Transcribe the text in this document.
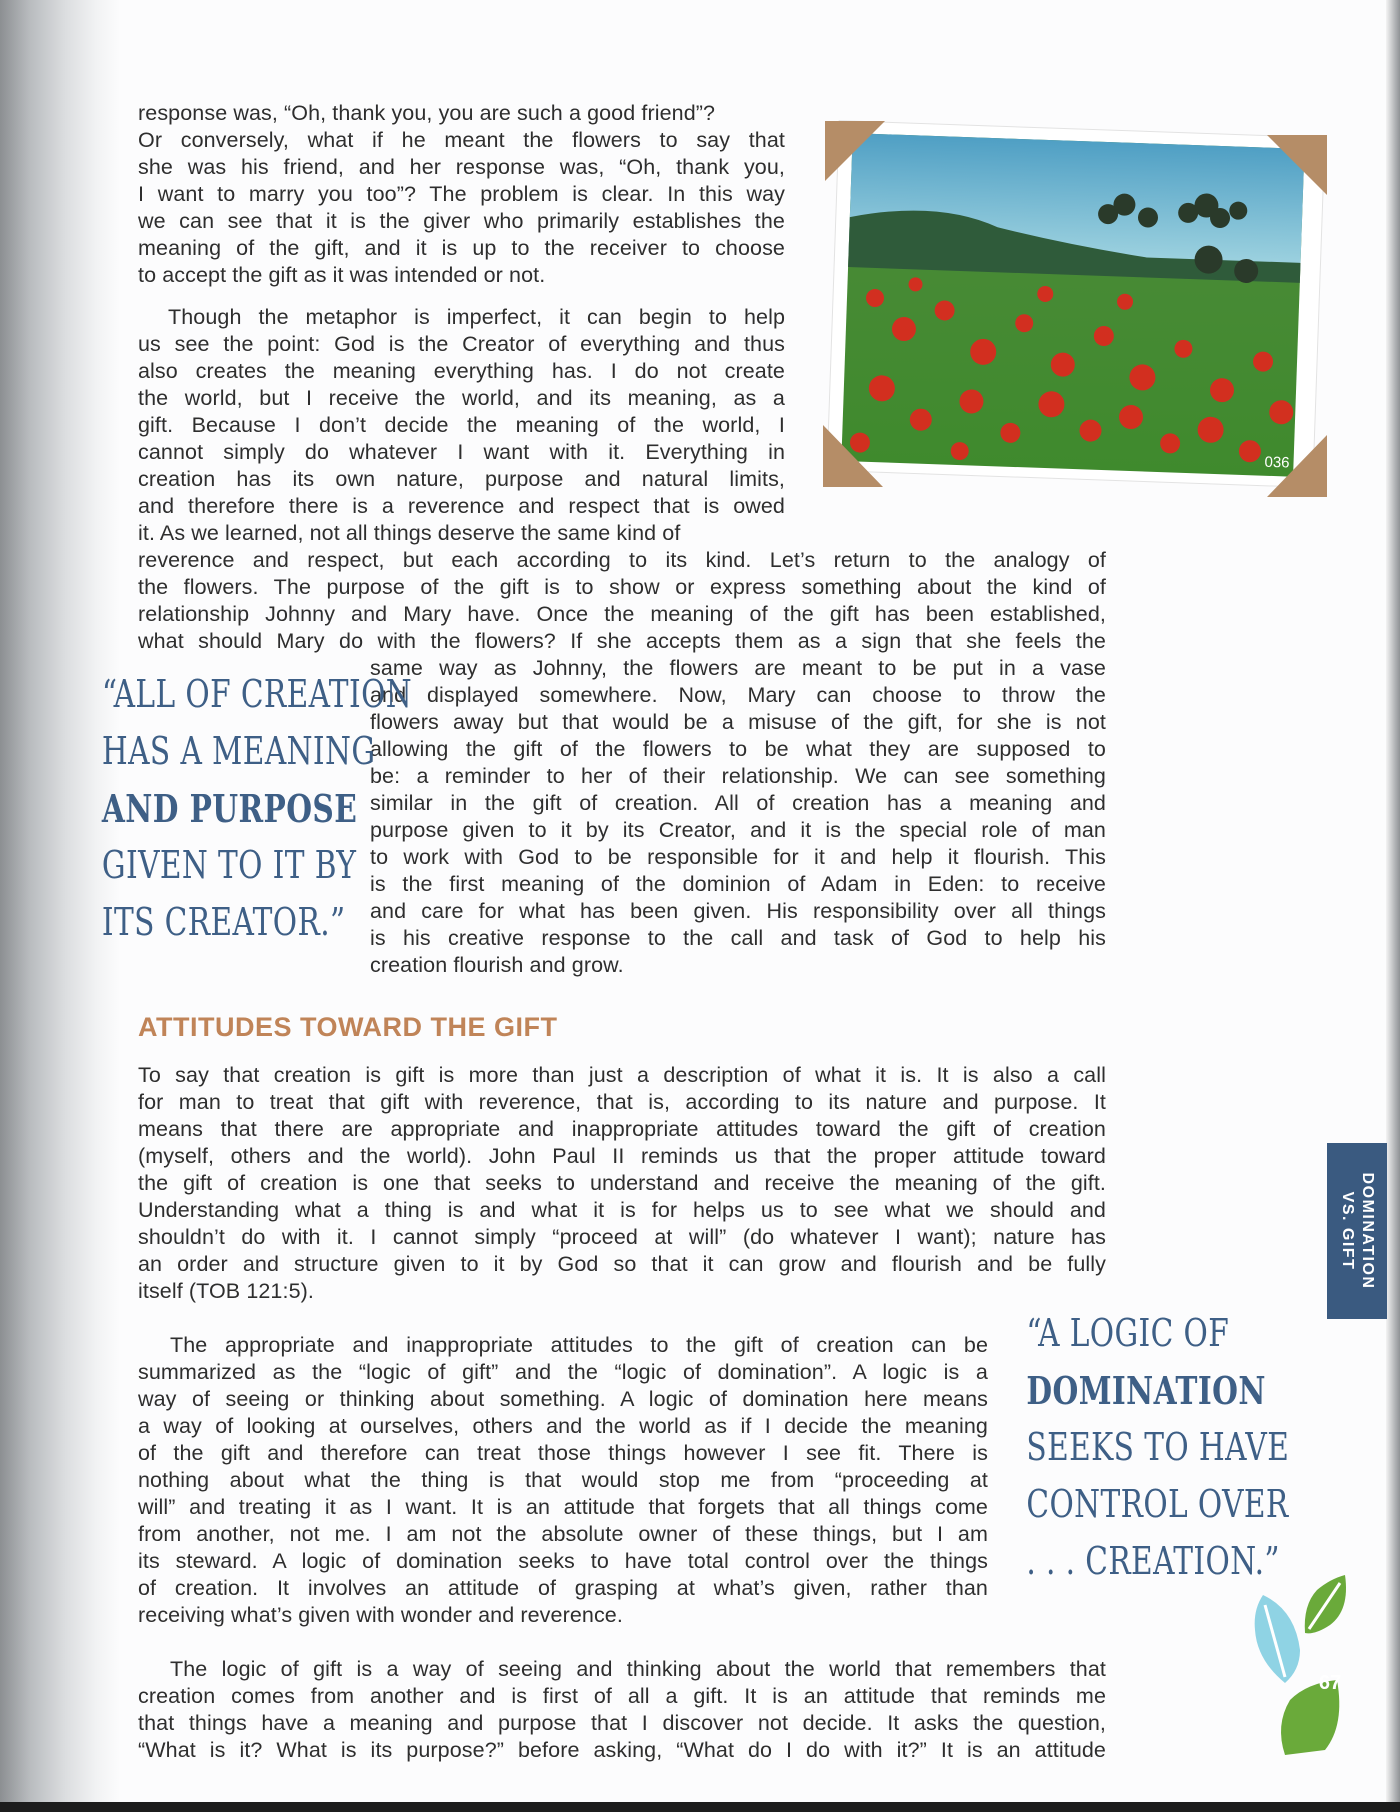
036
response was, “Oh, thank you, you are such a good friend”?
Or conversely, what if he meant the flowers to say that
she was his friend, and her response was, “Oh, thank you,
I want to marry you too”? The problem is clear. In this way
we can see that it is the giver who primarily establishes the
meaning of the gift, and it is up to the receiver to choose
to accept the gift as it was intended or not.
Though the metaphor is imperfect, it can begin to help
us see the point: God is the Creator of everything and thus
also creates the meaning everything has. I do not create
the world, but I receive the world, and its meaning, as a
gift. Because I don’t decide the meaning of the world, I
cannot simply do whatever I want with it. Everything in
creation has its own nature, purpose and natural limits,
and therefore there is a reverence and respect that is owed
it. As we learned, not all things deserve the same kind of
reverence and respect, but each according to its kind. Let’s return to the analogy of
the flowers. The purpose of the gift is to show or express something about the kind of
relationship Johnny and Mary have. Once the meaning of the gift has been established,
what should Mary do with the flowers? If she accepts them as a sign that she feels the
same way as Johnny, the flowers are meant to be put in a vase
and displayed somewhere. Now, Mary can choose to throw the
flowers away but that would be a misuse of the gift, for she is not
allowing the gift of the flowers to be what they are supposed to
be: a reminder to her of their relationship. We can see something
similar in the gift of creation. All of creation has a meaning and
purpose given to it by its Creator, and it is the special role of man
to work with God to be responsible for it and help it flourish. This
is the first meaning of the dominion of Adam in Eden: to receive
and care for what has been given. His responsibility over all things
is his creative response to the call and task of God to help his
creation flourish and grow.
“ALL OF CREATION
HAS A MEANING
AND PURPOSE
GIVEN TO IT BY
ITS CREATOR.”
ATTITUDES TOWARD THE GIFT
To say that creation is gift is more than just a description of what it is. It is also a call
for man to treat that gift with reverence, that is, according to its nature and purpose. It
means that there are appropriate and inappropriate attitudes toward the gift of creation
(myself, others and the world). John Paul II reminds us that the proper attitude toward
the gift of creation is one that seeks to understand and receive the meaning of the gift.
Understanding what a thing is and what it is for helps us to see what we should and
shouldn’t do with it. I cannot simply “proceed at will” (do whatever I want); nature has
an order and structure given to it by God so that it can grow and flourish and be fully
itself (TOB 121:5).
The appropriate and inappropriate attitudes to the gift of creation can be
summarized as the “logic of gift” and the “logic of domination”. A logic is a
way of seeing or thinking about something. A logic of domination here means
a way of looking at ourselves, others and the world as if I decide the meaning
of the gift and therefore can treat those things however I see fit. There is
nothing about what the thing is that would stop me from “proceeding at
will” and treating it as I want. It is an attitude that forgets that all things come
from another, not me. I am not the absolute owner of these things, but I am
its steward. A logic of domination seeks to have total control over the things
of creation. It involves an attitude of grasping at what’s given, rather than
receiving what’s given with wonder and reverence.
“A LOGIC OF
DOMINATION
SEEKS TO HAVE
CONTROL OVER
. . . CREATION.”
The logic of gift is a way of seeing and thinking about the world that remembers that
creation comes from another and is first of all a gift. It is an attitude that reminds me
that things have a meaning and purpose that I discover not decide. It asks the question,
“What is it? What is its purpose?” before asking, “What do I do with it?” It is an attitude
DOMINATION
VS. GIFT
67
